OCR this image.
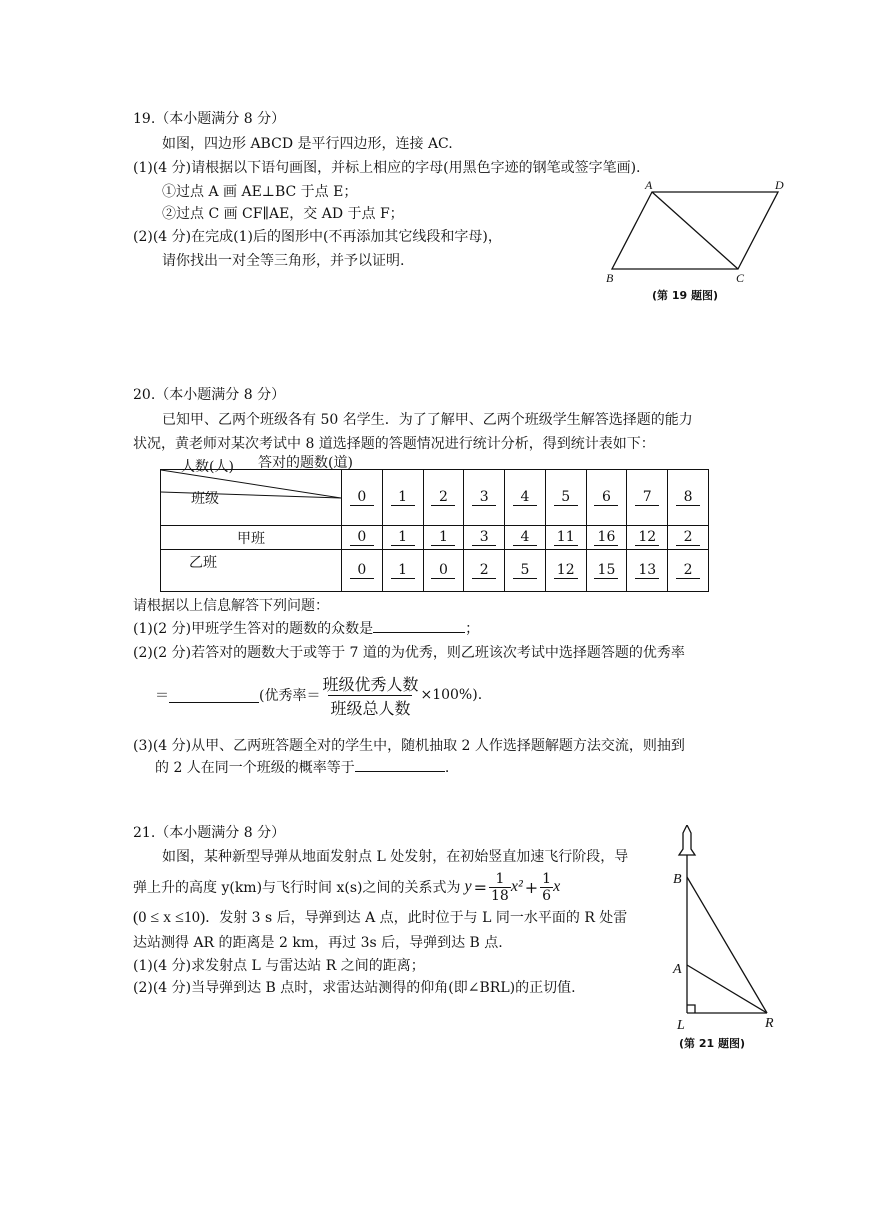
19.（本小题满分 8 分）
如图，四边形 ABCD 是平行四边形，连接 AC.
(1)(4 分)请根据以下语句画图，并标上相应的字母(用黑色字迹的钢笔或签字笔画).
①过点 A 画 AE⊥BC 于点 E；
②过点 C 画 CF∥AE，交 AD 于点 F；
(2)(4 分)在完成(1)后的图形中(不再添加其它线段和字母)，
请你找出一对全等三角形，并予以证明.
A	D
B	C
(第 19 题图)
20.（本小题满分 8 分）
已知甲、乙两个班级各有 50 名学生．为了了解甲、乙两个班级学生解答选择题的能力
状况，黄老师对某次考试中 8 道选择题的答题情况进行统计分析，得到统计表如下：
答对的题数(道)
人数(人)
班级	0	1	2	3	4	5	6	7	8
甲班	0	1	1	3	4	11	16	12	2
乙班	0	1	0	2	5	12	15	13	2
请根据以上信息解答下列问题：
(1)(2 分)甲班学生答对的题数的众数是	；
(2)(2 分)若答对的题数大于或等于 7 道的为优秀，则乙班该次考试中选择题答题的优秀率
＝	(优秀率＝ $\frac{\text{班级优秀人数}}{\text{班级总人数}} \times 100\%$).
(3)(4 分)从甲、乙两班答题全对的学生中，随机抽取 2 人作选择题解题方法交流，则抽到
的 2 人在同一个班级的概率等于	.
21.（本小题满分 8 分）
如图，某种新型导弹从地面发射点 L 处发射，在初始竖直加速飞行阶段，导
弹上升的高度 y(km)与飞行时间 x(s)之间的关系式为 $y = \frac{1}{18} x^2 + \frac{1}{6}$ x
(0 ≤ x ≤10)．发射 3 s 后，导弹到达 A 点，此时位于与 L 同一水平面的 R 处雷
达站测得 AR 的距离是 2 km，再过 3s 后，导弹到达 B 点.
(1)(4 分)求发射点 L 与雷达站 R 之间的距离；
(2)(4 分)当导弹到达 B 点时，求雷达站测得的仰角(即∠BRL)的正切值.
B
A
L	R
(第 21 题图)
